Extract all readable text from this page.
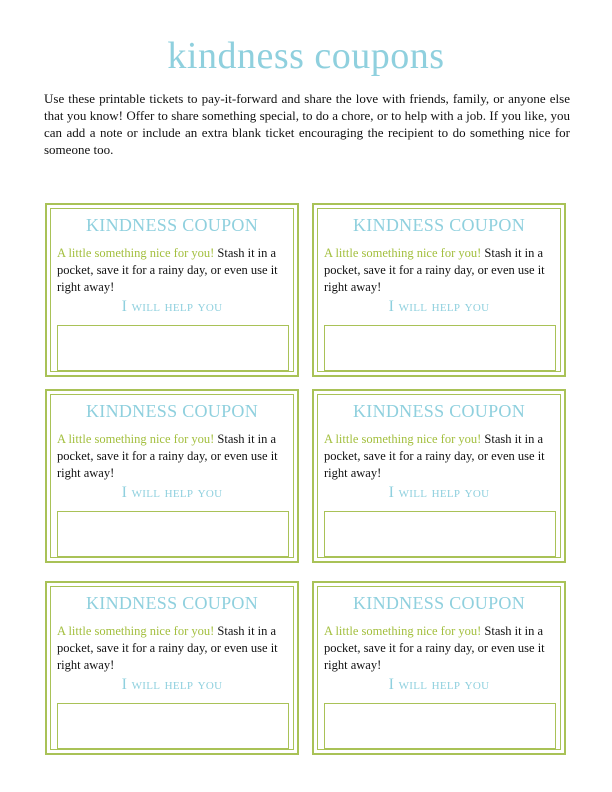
kindness coupons
Use these printable tickets to pay-it-forward and share the love with friends, family, or anyone else that you know! Offer to share something special, to do a chore, or to help with a job. If you like, you can add a note or include an extra blank ticket encouraging the recipient to do something nice for someone too.
KINDNESS COUPON
A little something nice for you! Stash it in a pocket, save it for a rainy day, or even use it right away!
I will help you
KINDNESS COUPON
A little something nice for you! Stash it in a pocket, save it for a rainy day, or even use it right away!
I will help you
KINDNESS COUPON
A little something nice for you! Stash it in a pocket, save it for a rainy day, or even use it right away!
I will help you
KINDNESS COUPON
A little something nice for you! Stash it in a pocket, save it for a rainy day, or even use it right away!
I will help you
KINDNESS COUPON
A little something nice for you! Stash it in a pocket, save it for a rainy day, or even use it right away!
I will help you
KINDNESS COUPON
A little something nice for you! Stash it in a pocket, save it for a rainy day, or even use it right away!
I will help you
